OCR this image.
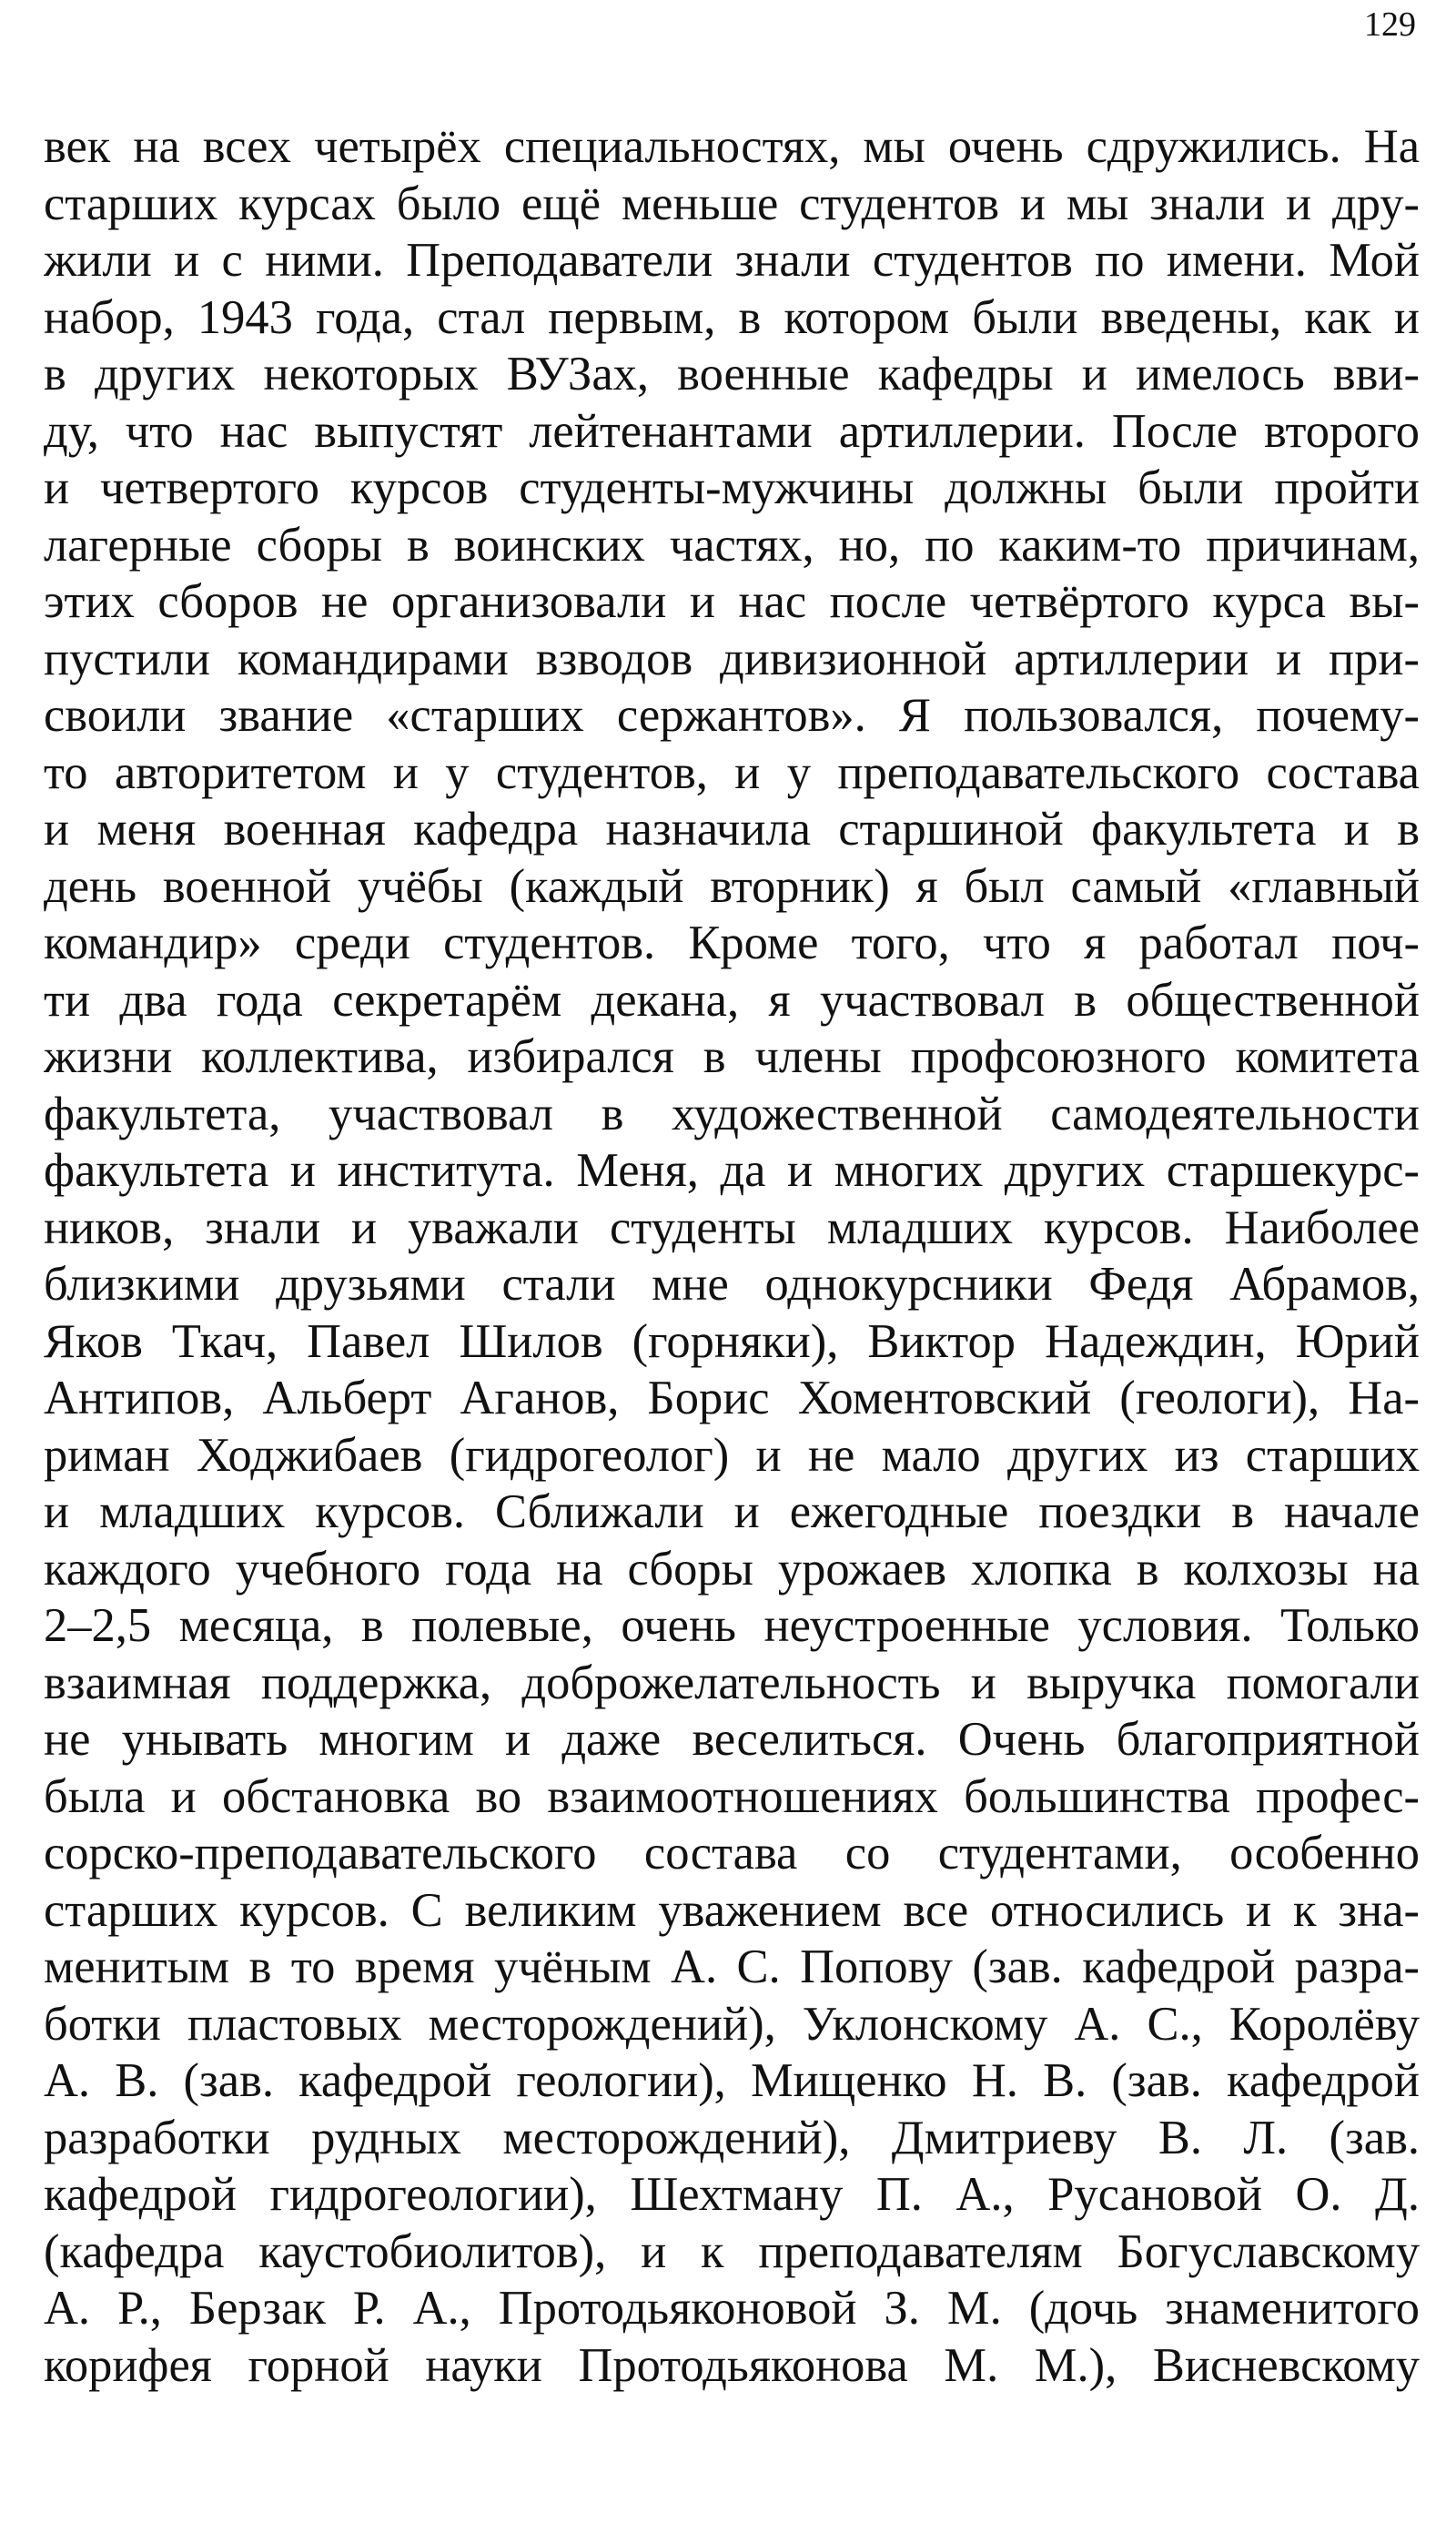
129
век на всех четырёх специальностях, мы очень сдружились. На
старших курсах было ещё меньше студентов и мы знали и дру-
жили и с ними. Преподаватели знали студентов по имени. Мой
набор, 1943 года, стал первым, в котором были введены, как и
в других некоторых ВУЗах, военные кафедры и имелось вви-
ду, что нас выпустят лейтенантами артиллерии. После второго
и четвертого курсов студенты-мужчины должны были пройти
лагерные сборы в воинских частях, но, по каким-то причинам,
этих сборов не организовали и нас после четвёртого курса вы-
пустили командирами взводов дивизионной артиллерии и при-
своили звание «старших сержантов». Я пользовался, почему-
то авторитетом и у студентов, и у преподавательского состава
и меня военная кафедра назначила старшиной факультета и в
день военной учёбы (каждый вторник) я был самый «главный
командир» среди студентов. Кроме того, что я работал поч-
ти два года секретарём декана, я участвовал в общественной
жизни коллектива, избирался в члены профсоюзного комитета
факультета, участвовал в художественной самодеятельности
факультета и института. Меня, да и многих других старшекурс-
ников, знали и уважали студенты младших курсов. Наиболее
близкими друзьями стали мне однокурсники Федя Абрамов,
Яков Ткач, Павел Шилов (горняки), Виктор Надеждин, Юрий
Антипов, Альберт Аганов, Борис Хоментовский (геологи), На-
риман Ходжибаев (гидрогеолог) и не мало других из старших
и младших курсов. Сближали и ежегодные поездки в начале
каждого учебного года на сборы урожаев хлопка в колхозы на
2–2,5 месяца, в полевые, очень неустроенные условия. Только
взаимная поддержка, доброжелательность и выручка помогали
не унывать многим и даже веселиться. Очень благоприятной
была и обстановка во взаимоотношениях большинства профес-
сорско-преподавательского состава со студентами, особенно
старших курсов. С великим уважением все относились и к зна-
менитым в то время учёным А. С. Попову (зав. кафедрой разра-
ботки пластовых месторождений), Уклонскому А. С., Королёву
А. В. (зав. кафедрой геологии), Мищенко Н. В. (зав. кафедрой
разработки рудных месторождений), Дмитриеву В. Л. (зав.
кафедрой гидрогеологии), Шехтману П. А., Русановой О. Д.
(кафедра каустобиолитов), и к преподавателям Богуславскому
А. Р., Берзак Р. А., Протодьяконовой З. М. (дочь знаменитого
корифея горной науки Протодьяконова М. М.), Висневскому
